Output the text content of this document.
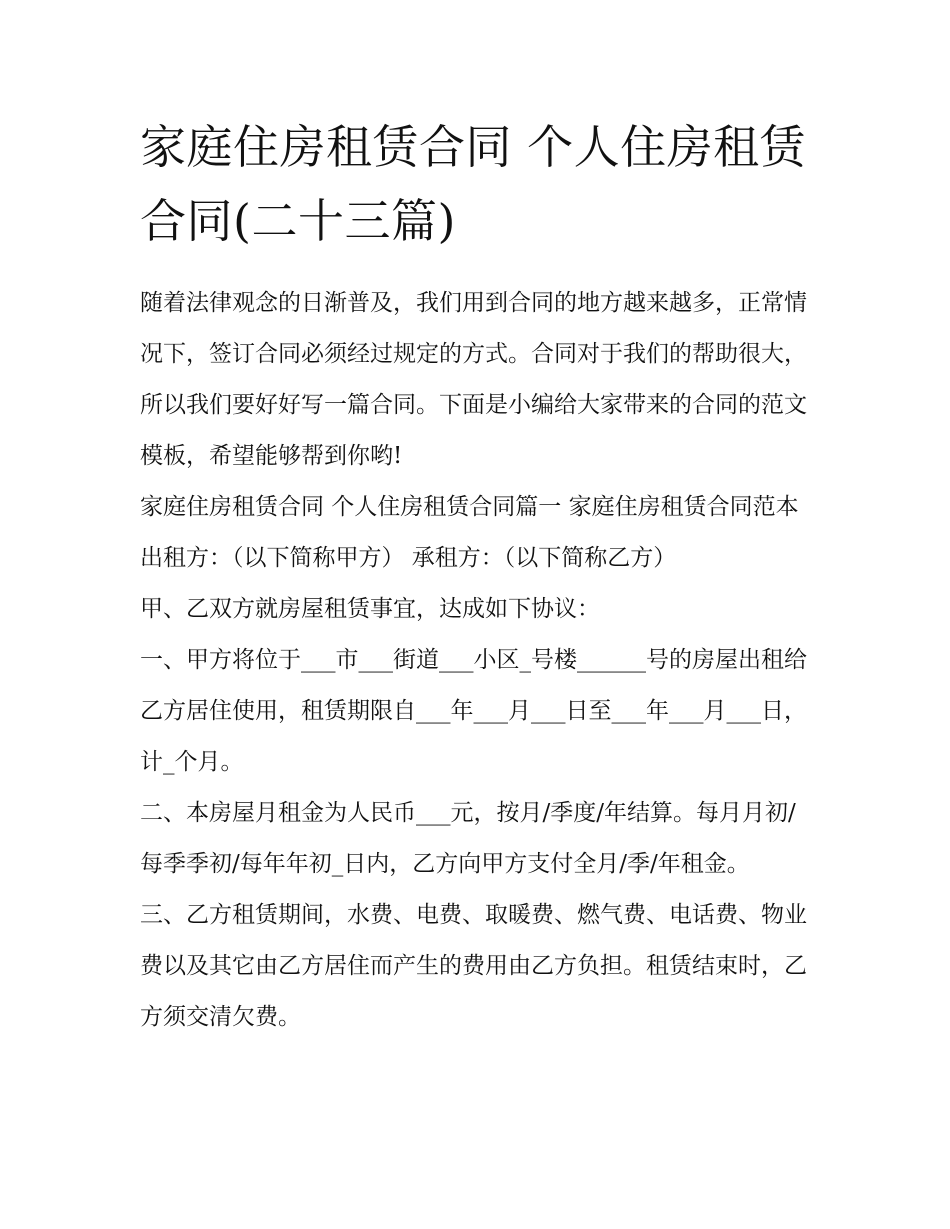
家庭住房租赁合同 个人住房租赁合同(二十三篇)

随着法律观念的日渐普及，我们用到合同的地方越来越多，正常情况下，签订合同必须经过规定的方式。合同对于我们的帮助很大，所以我们要好好写一篇合同。下面是小编给大家带来的合同的范文模板，希望能够帮到你哟!

家庭住房租赁合同 个人住房租赁合同篇一 家庭住房租赁合同范本 出租方：（以下简称甲方） 承租方：（以下简称乙方）

甲、乙双方就房屋租赁事宜，达成如下协议：

一、甲方将位于___市___街道___小区_号楼______号的房屋出租给乙方居住使用，租赁期限自___年___月___日至___年___月___日，计_个月。

二、本房屋月租金为人民币___元，按月/季度/年结算。每月月初/每季季初/每年年初_日内，乙方向甲方支付全月/季/年租金。

三、乙方租赁期间，水费、电费、取暖费、燃气费、电话费、物业费以及其它由乙方居住而产生的费用由乙方负担。租赁结束时，乙方须交清欠费。
